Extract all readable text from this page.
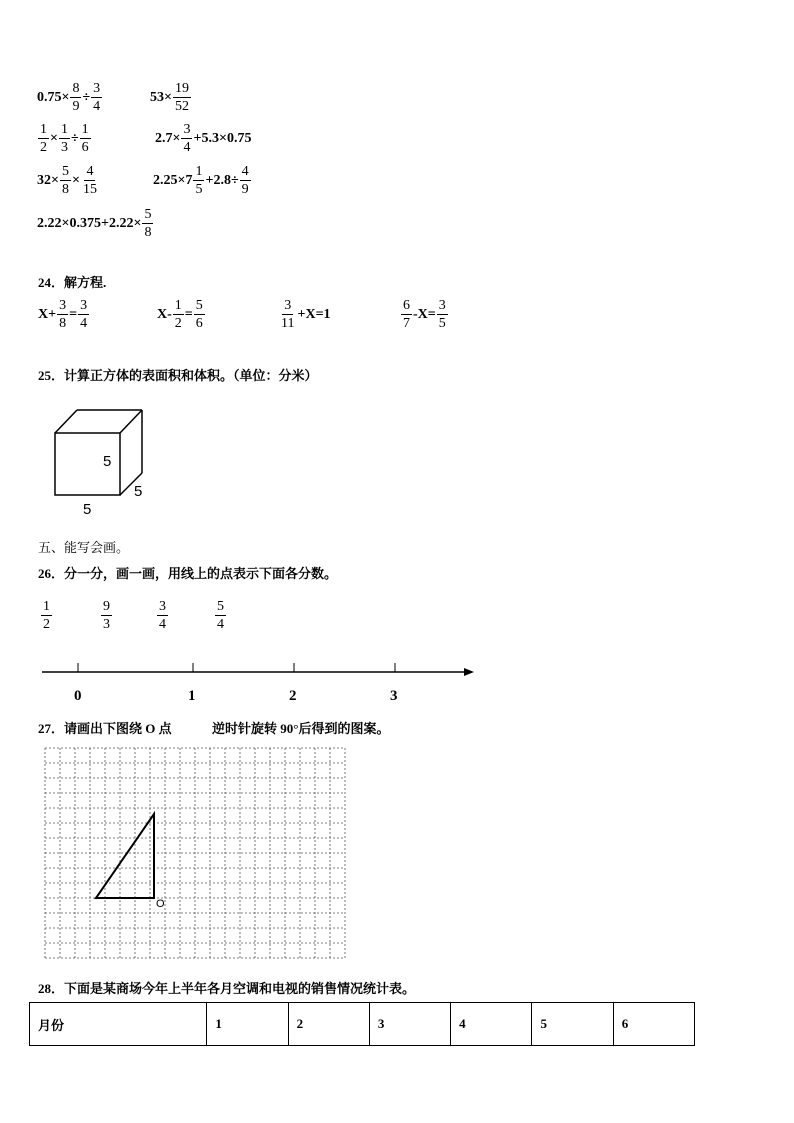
24．解方程.
25．计算正方体的表面积和体积。（单位：分米）
5
5
5
五、能写会画。
26．分一分，画一画，用线上的点表示下面各分数。
27．请画出下图绕 O 点	逆时针旋转 90°后得到的图案。
O
28．下面是某商场今年上半年各月空调和电视的销售情况统计表。
月份	1	2	3	4	5	6
$0.75\times \frac{8}{9} \div \frac{3}{4}$	$53\times \frac{19}{52}$
$\frac{1}{2} \times \frac{1}{3} \div \frac{1}{6}$	$2.7\times \frac{3}{4} +5.3\times 0.75$
$32\times \frac{5}{8} \times \frac{4}{15}$	$2.25\times 7 \frac{1}{5} +2.8\div \frac{4}{9}$
$2.22\times 0.375+2.22\times \frac{5}{8}$
$X+ \frac{3}{8} = \frac{3}{4}$	$X- \frac{1}{2} = \frac{5}{6}$	$\frac{3}{11} +X=1$	$\frac{6}{7} -X= \frac{3}{5}$
$\frac{1}{2}$	$\frac{9}{3}$	$\frac{3}{4}$	$\frac{5}{4}$
0	1	2	3
